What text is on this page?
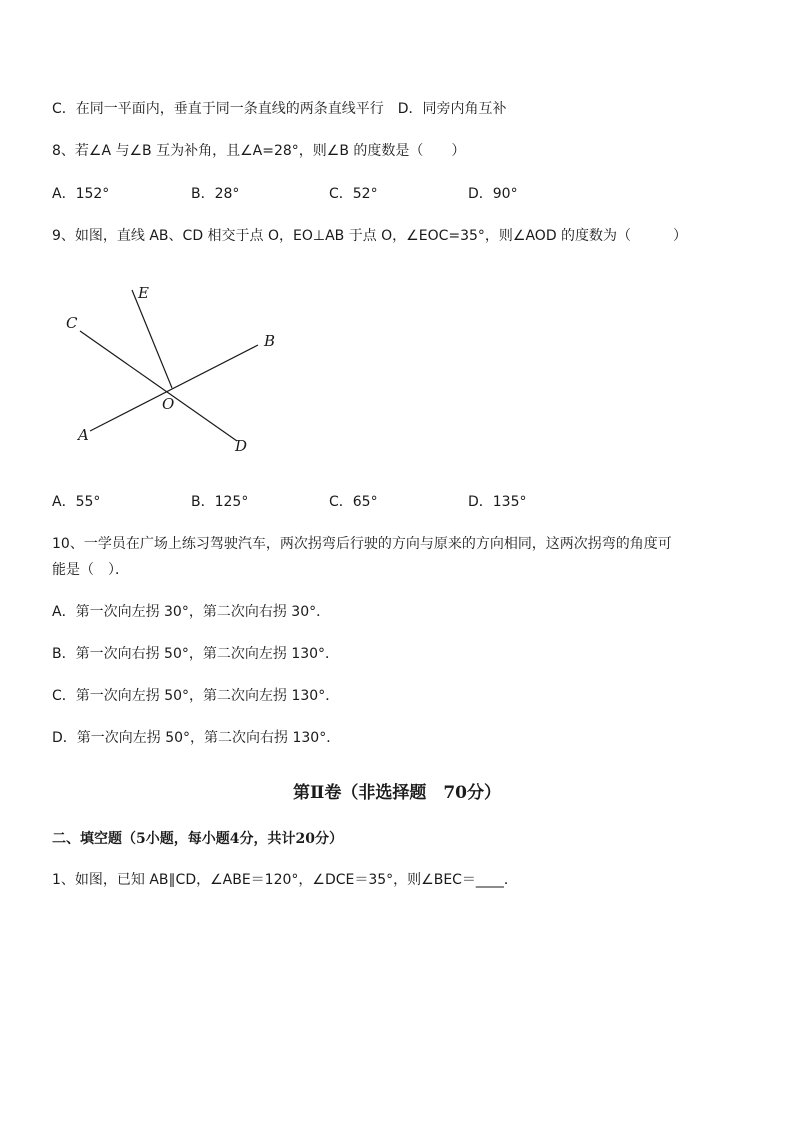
C．在同一平面内，垂直于同一条直线的两条直线平行　D．同旁内角互补
8、若∠A 与∠B 互为补角，且∠A=28°，则∠B 的度数是（　　）
A．152°	B．28°	C．52°	D．90°
9、如图，直线 AB、CD 相交于点 O，EO⊥AB 于点 O，∠EOC=35°，则∠AOD 的度数为（　　　）
E
C
B
O
A
D
A．55°	B．125°	C．65°	D．135°
10、一学员在广场上练习驾驶汽车，两次拐弯后行驶的方向与原来的方向相同，这两次拐弯的角度可
能是（　）．
A．第一次向左拐 30°，第二次向右拐 30°．
B．第一次向右拐 50°，第二次向左拐 130°．
C．第一次向左拐 50°，第二次向左拐 130°．
D．第一次向左拐 50°，第二次向右拐 130°．
第Ⅱ卷（非选择题　70分）
二、填空题（5小题，每小题4分，共计20分）
1、如图，已知 AB∥CD，∠ABE＝120°，∠DCE＝35°，则∠BEC＝____．
